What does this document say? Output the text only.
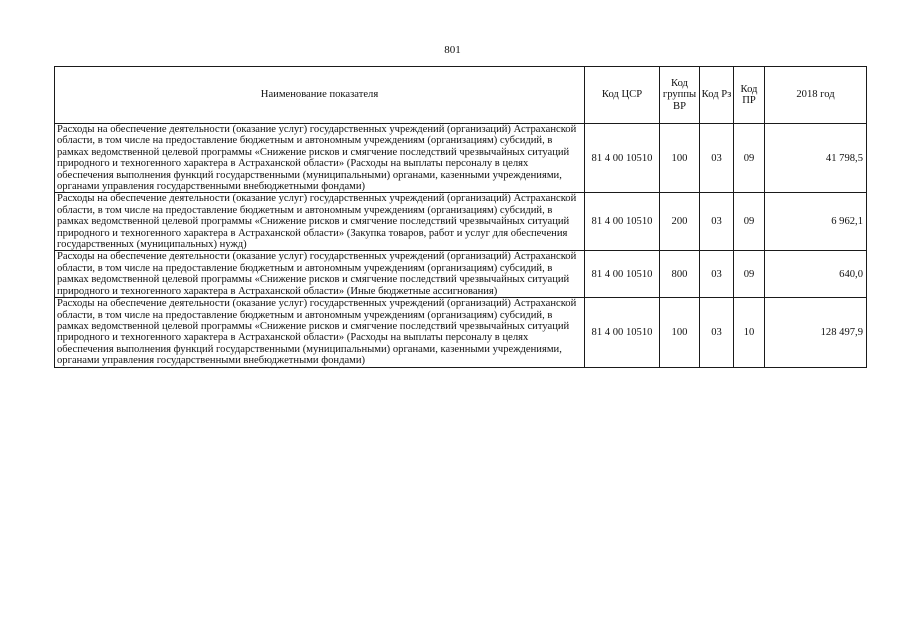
801
Наименование показателя	Код ЦСР	Код группы ВР	Код Рз	Код ПР	2018 год
Расходы на обеспечение деятельности (оказание услуг) государственных учреждений (организаций) Астраханской области, в том числе на предоставление бюджетным и автономным учреждениям (организациям) субсидий, в рамках ведомственной целевой программы «Снижение рисков и смягчение последствий чрезвычайных ситуаций природного и техногенного характера в Астраханской области» (Расходы на выплаты персоналу в целях обеспечения выполнения функций государственными (муниципальными) органами, казенными учреждениями, органами управления государственными внебюджетными фондами)	81 4 00 10510	100	03	09	41 798,5
Расходы на обеспечение деятельности (оказание услуг) государственных учреждений (организаций) Астраханской области, в том числе на предоставление бюджетным и автономным учреждениям (организациям) субсидий, в рамках ведомственной целевой программы «Снижение рисков и смягчение последствий чрезвычайных ситуаций природного и техногенного характера в Астраханской области» (Закупка товаров, работ и услуг для обеспечения государственных (муниципальных) нужд)	81 4 00 10510	200	03	09	6 962,1
Расходы на обеспечение деятельности (оказание услуг) государственных учреждений (организаций) Астраханской области, в том числе на предоставление бюджетным и автономным учреждениям (организациям) субсидий, в рамках ведомственной целевой программы «Снижение рисков и смягчение последствий чрезвычайных ситуаций природного и техногенного характера в Астраханской области» (Иные бюджетные ассигнования)	81 4 00 10510	800	03	09	640,0
Расходы на обеспечение деятельности (оказание услуг) государственных учреждений (организаций) Астраханской области, в том числе на предоставление бюджетным и автономным учреждениям (организациям) субсидий, в рамках ведомственной целевой программы «Снижение рисков и смягчение последствий чрезвычайных ситуаций природного и техногенного характера в Астраханской области» (Расходы на выплаты персоналу в целях обеспечения выполнения функций государственными (муниципальными) органами, казенными учреждениями, органами управления государственными внебюджетными фондами)	81 4 00 10510	100	03	10	128 497,9
